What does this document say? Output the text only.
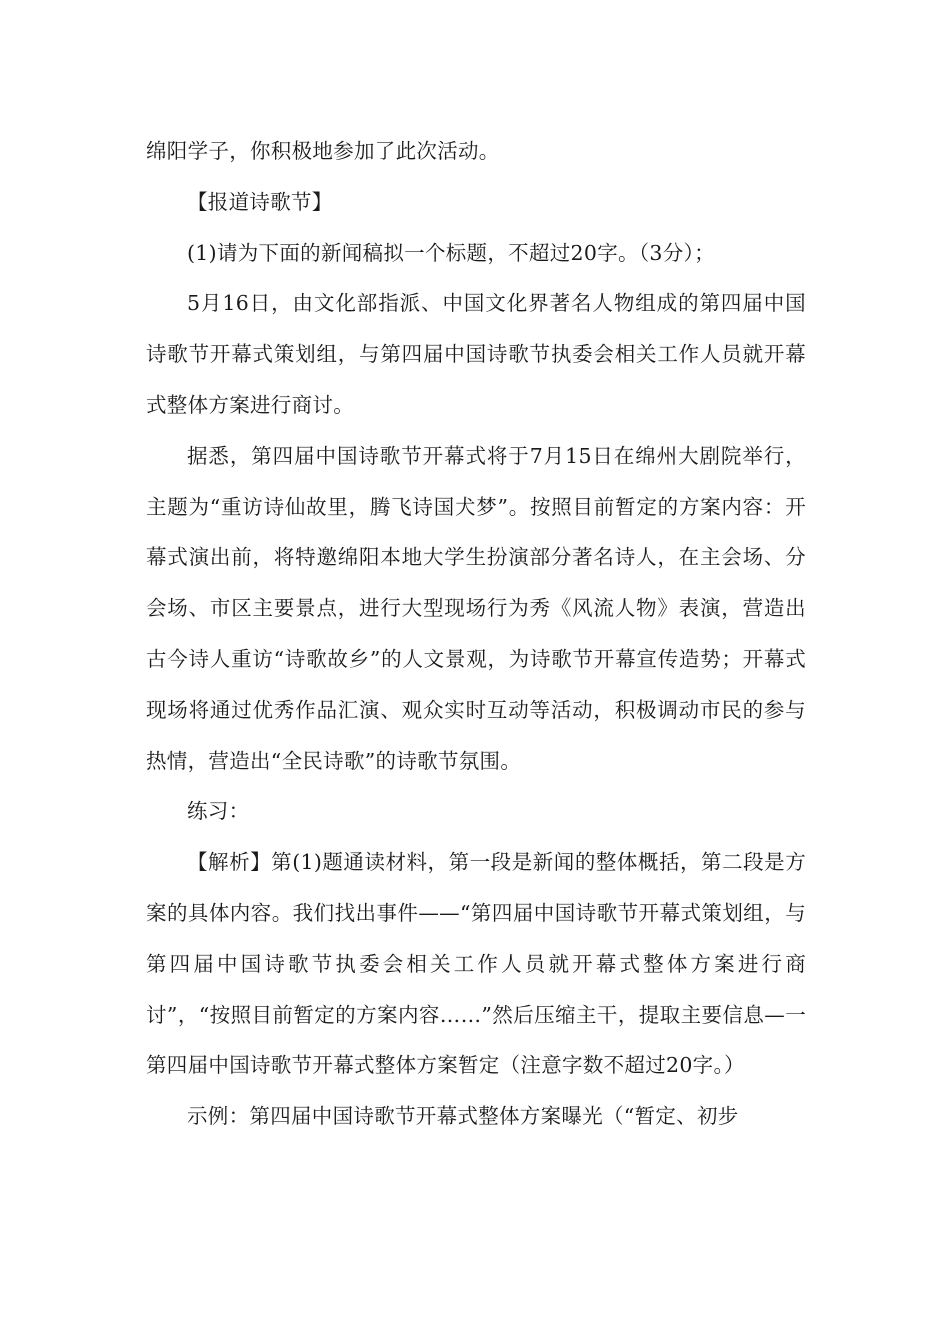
绵阳学子，你积极地参加了此次活动。

【报道诗歌节】

(1)请为下面的新闻稿拟一个标题，不超过20字。（3分）；

5月16日，由文化部指派、中国文化界著名人物组成的第四届中国诗歌节开幕式策划组，与第四届中国诗歌节执委会相关工作人员就开幕式整体方案进行商讨。

据悉，第四届中国诗歌节开幕式将于7月15日在绵州大剧院举行，主题为“重访诗仙故里，腾飞诗国犬梦”。按照目前暂定的方案内容：开幕式演出前，将特邀绵阳本地大学生扮演部分著名诗人，在主会场、分会场、市区主要景点，进行大型现场行为秀《风流人物》表演，营造出古今诗人重访“诗歌故乡”的人文景观，为诗歌节开幕宣传造势；开幕式现场将通过优秀作品汇演、观众实时互动等活动，积极调动市民的参与热情，营造出“全民诗歌”的诗歌节氛围。

练习：

【解析】第(1)题通读材料，第一段是新闻的整体概括，第二段是方案的具体内容。我们找出事件——“第四届中国诗歌节开幕式策划组，与第四届中国诗歌节执委会相关工作人员就开幕式整体方案进行商讨”，“按照目前暂定的方案内容……”然后压缩主干，提取主要信息—一第四届中国诗歌节开幕式整体方案暂定（注意字数不超过20字。）

示例：第四届中国诗歌节开幕式整体方案曝光（“暂定、初步
